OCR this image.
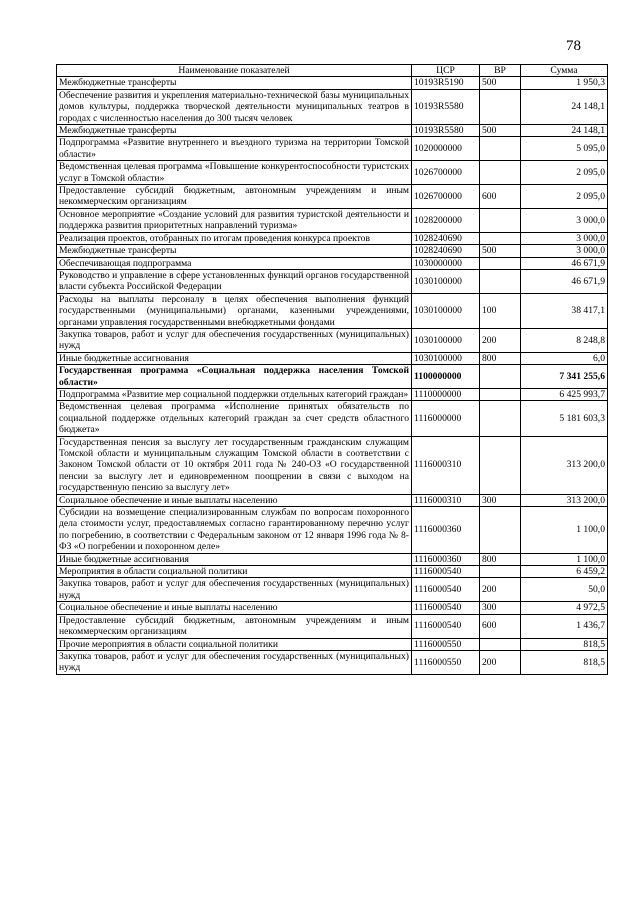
78
Наименование показателей	ЦСР	ВР	Сумма
Межбюджетные трансферты	10193R5190	500	1 950,3
Обеспечение развития и укрепления материально-технической базы муниципальных домов культуры, поддержка творческой деятельности муниципальных театров в городах с численностью населения до 300 тысяч человек	10193R5580		24 148,1
Межбюджетные трансферты	10193R5580	500	24 148,1
Подпрограмма «Развитие внутреннего и въездного туризма на территории Томской области»	1020000000		5 095,0
Ведомственная целевая программа «Повышение конкурентоспособности туристских услуг в Томской области»	1026700000		2 095,0
Предоставление субсидий бюджетным, автономным учреждениям и иным некоммерческим организациям	1026700000	600	2 095,0
Основное мероприятие «Создание условий для развития туристской деятельности и поддержка развития приоритетных направлений туризма»	1028200000		3 000,0
Реализация проектов, отобранных по итогам проведения конкурса проектов	1028240690		3 000,0
Межбюджетные трансферты	1028240690	500	3 000,0
Обеспечивающая подпрограмма	1030000000		46 671,9
Руководство и управление в сфере установленных функций органов государственной власти субъекта Российской Федерации	1030100000		46 671,9
Расходы на выплаты персоналу в целях обеспечения выполнения функций государственными (муниципальными) органами, казенными учреждениями, органами управления государственными внебюджетными фондами	1030100000	100	38 417,1
Закупка товаров, работ и услуг для обеспечения государственных (муниципальных) нужд	1030100000	200	8 248,8
Иные бюджетные ассигнования	1030100000	800	6,0
Государственная программа «Социальная поддержка населения Томской области»	1100000000		7 341 255,6
Подпрограмма «Развитие мер социальной поддержки отдельных категорий граждан»	1110000000		6 425 993,7
Ведомственная целевая программа «Исполнение принятых обязательств по социальной поддержке отдельных категорий граждан за счет средств областного бюджета»	1116000000		5 181 603,3
Государственная пенсия за выслугу лет государственным гражданским служащим Томской области и муниципальным служащим Томской области в соответствии с Законом Томской области от 10 октября 2011 года № 240-ОЗ «О государственной пенсии за выслугу лет и единовременном поощрении в связи с выходом на государственную пенсию за выслугу лет»	1116000310		313 200,0
Социальное обеспечение и иные выплаты населению	1116000310	300	313 200,0
Субсидии на возмещение специализированным службам по вопросам похоронного дела стоимости услуг, предоставляемых согласно гарантированному перечню услуг по погребению, в соответствии с Федеральным законом от 12 января 1996 года № 8-ФЗ «О погребении и похоронном деле»	1116000360		1 100,0
Иные бюджетные ассигнования	1116000360	800	1 100,0
Мероприятия в области социальной политики	1116000540		6 459,2
Закупка товаров, работ и услуг для обеспечения государственных (муниципальных) нужд	1116000540	200	50,0
Социальное обеспечение и иные выплаты населению	1116000540	300	4 972,5
Предоставление субсидий бюджетным, автономным учреждениям и иным некоммерческим организациям	1116000540	600	1 436,7
Прочие мероприятия в области социальной политики	1116000550		818,5
Закупка товаров, работ и услуг для обеспечения государственных (муниципальных) нужд	1116000550	200	818,5
